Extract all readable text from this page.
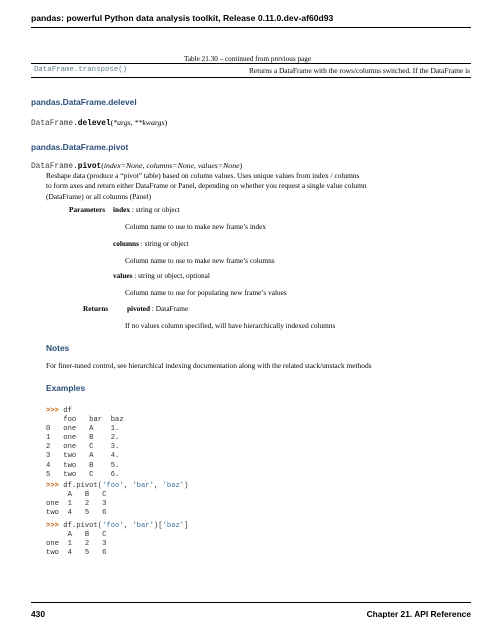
pandas: powerful Python data analysis toolkit, Release 0.11.0.dev-af60d93
Table 21.30 – continued from previous page
DataFrame.transpose()	Returns a DataFrame with the rows/columns switched. If the DataFrame is
pandas.DataFrame.delevel
DataFrame.delevel(*args, **kwargs)
pandas.DataFrame.pivot
DataFrame.pivot(index=None, columns=None, values=None)
Reshape data (produce a “pivot” table) based on column values. Uses unique values from index / columns
to form axes and return either DataFrame or Panel, depending on whether you request a single value column
(DataFrame) or all columns (Panel)
Parameters index : string or object
Column name to use to make new frame’s index
columns : string or object
Column name to use to make new frame’s columns
values : string or object, optional
Column name to use for populating new frame’s values
Returns	pivoted : DataFrame
If no values column specified, will have hierarchically indexed columns
Notes
For finer-tuned control, see hierarchical indexing documentation along with the related stack/unstack methods
Examples
>>> df
foo   bar  baz
0   one   A    1.
1   one   B    2.
2   one   C    3.
3   two   A    4.
4   two   B    5.
5   two   C    6.
>>> df.pivot('foo', 'bar', 'baz')
A   B   C
one  1   2   3
two  4   5   6
>>> df.pivot('foo', 'bar')['baz']
A   B   C
one  1   2   3
two  4   5   6
430	Chapter 21. API Reference
